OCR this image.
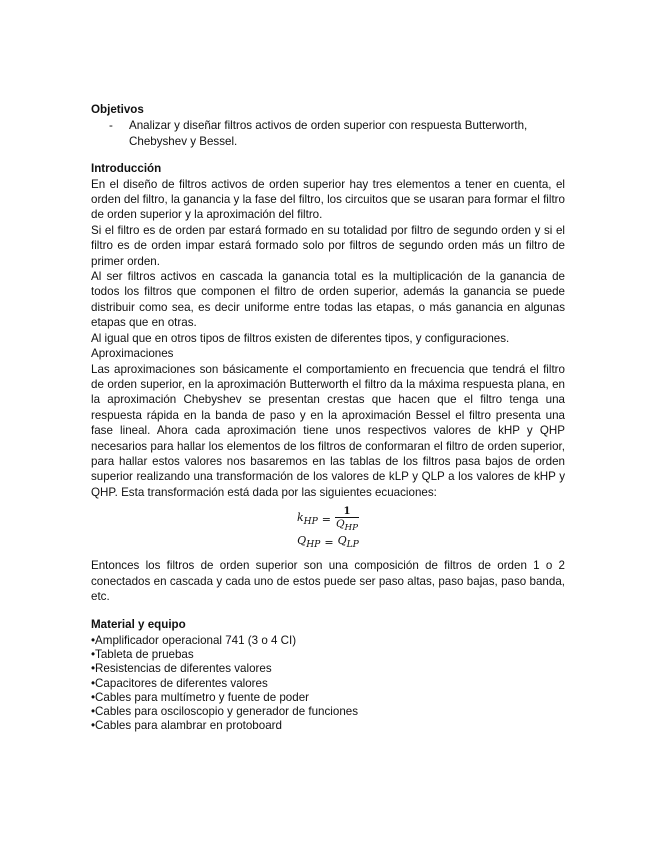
Objetivos
-	Analizar y diseñar filtros activos de orden superior con respuesta Butterworth, Chebyshev y Bessel.
Introducción

En el diseño de filtros activos de orden superior hay tres elementos a tener en cuenta, el orden del filtro, la ganancia y la fase del filtro, los circuitos que se usaran para formar el filtro de orden superior y la aproximación del filtro.

Si el filtro es de orden par estará formado en su totalidad por filtro de segundo orden y si el filtro es de orden impar estará formado solo por filtros de segundo orden más un filtro de primer orden.

Al ser filtros activos en cascada la ganancia total es la multiplicación de la ganancia de todos los filtros que componen el filtro de orden superior, además la ganancia se puede distribuir como sea, es decir uniforme entre todas las etapas, o más ganancia en algunas etapas que en otras.

Al igual que en otros tipos de filtros existen de diferentes tipos, y configuraciones.

Aproximaciones

Las aproximaciones son básicamente el comportamiento en frecuencia que tendrá el filtro de orden superior, en la aproximación Butterworth el filtro da la máxima respuesta plana, en la aproximación Chebyshev se presentan crestas que hacen que el filtro tenga una respuesta rápida en la banda de paso y en la aproximación Bessel el filtro presenta una fase lineal. Ahora cada aproximación tiene unos respectivos valores de kHP y QHP necesarios para hallar los elementos de los filtros de conformaran el filtro de orden superior, para hallar estos valores nos basaremos en las tablas de los filtros pasa bajos de orden superior realizando una transformación de los valores de kLP y QLP a los valores de kHP y QHP. Esta transformación está dada por las siguientes ecuaciones:

$k_{HP} = \frac{1}{Q_{HP}}$
$Q_{HP} = Q_{LP}$

Entonces los filtros de orden superior son una composición de filtros de orden 1 o 2 conectados en cascada y cada uno de estos puede ser paso altas, paso bajas, paso banda, etc.

Material y equipo
•Amplificador operacional 741 (3 o 4 CI)
•Tableta de pruebas
•Resistencias de diferentes valores
•Capacitores de diferentes valores
•Cables para multímetro y fuente de poder
•Cables para osciloscopio y generador de funciones
•Cables para alambrar en protoboard
